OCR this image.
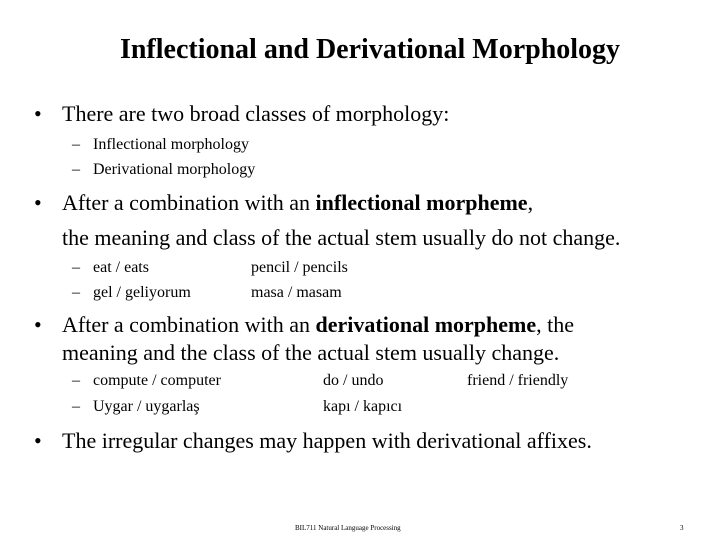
Inflectional and Derivational Morphology
• There are two broad classes of morphology:
– Inflectional morphology
– Derivational morphology
• After a combination with an inflectional morpheme,
the meaning and class of the actual stem usually do not change.
– eat / eats	pencil / pencils
– gel / geliyorum	masa / masam
• After a combination with an derivational morpheme, the
meaning and the class of the actual stem usually change.
– compute / computer	do / undo	friend / friendly
– Uygar / uygarlaş	kapı / kapıcı
• The irregular changes may happen with derivational affixes.
BIL711 Natural Language Processing	3
